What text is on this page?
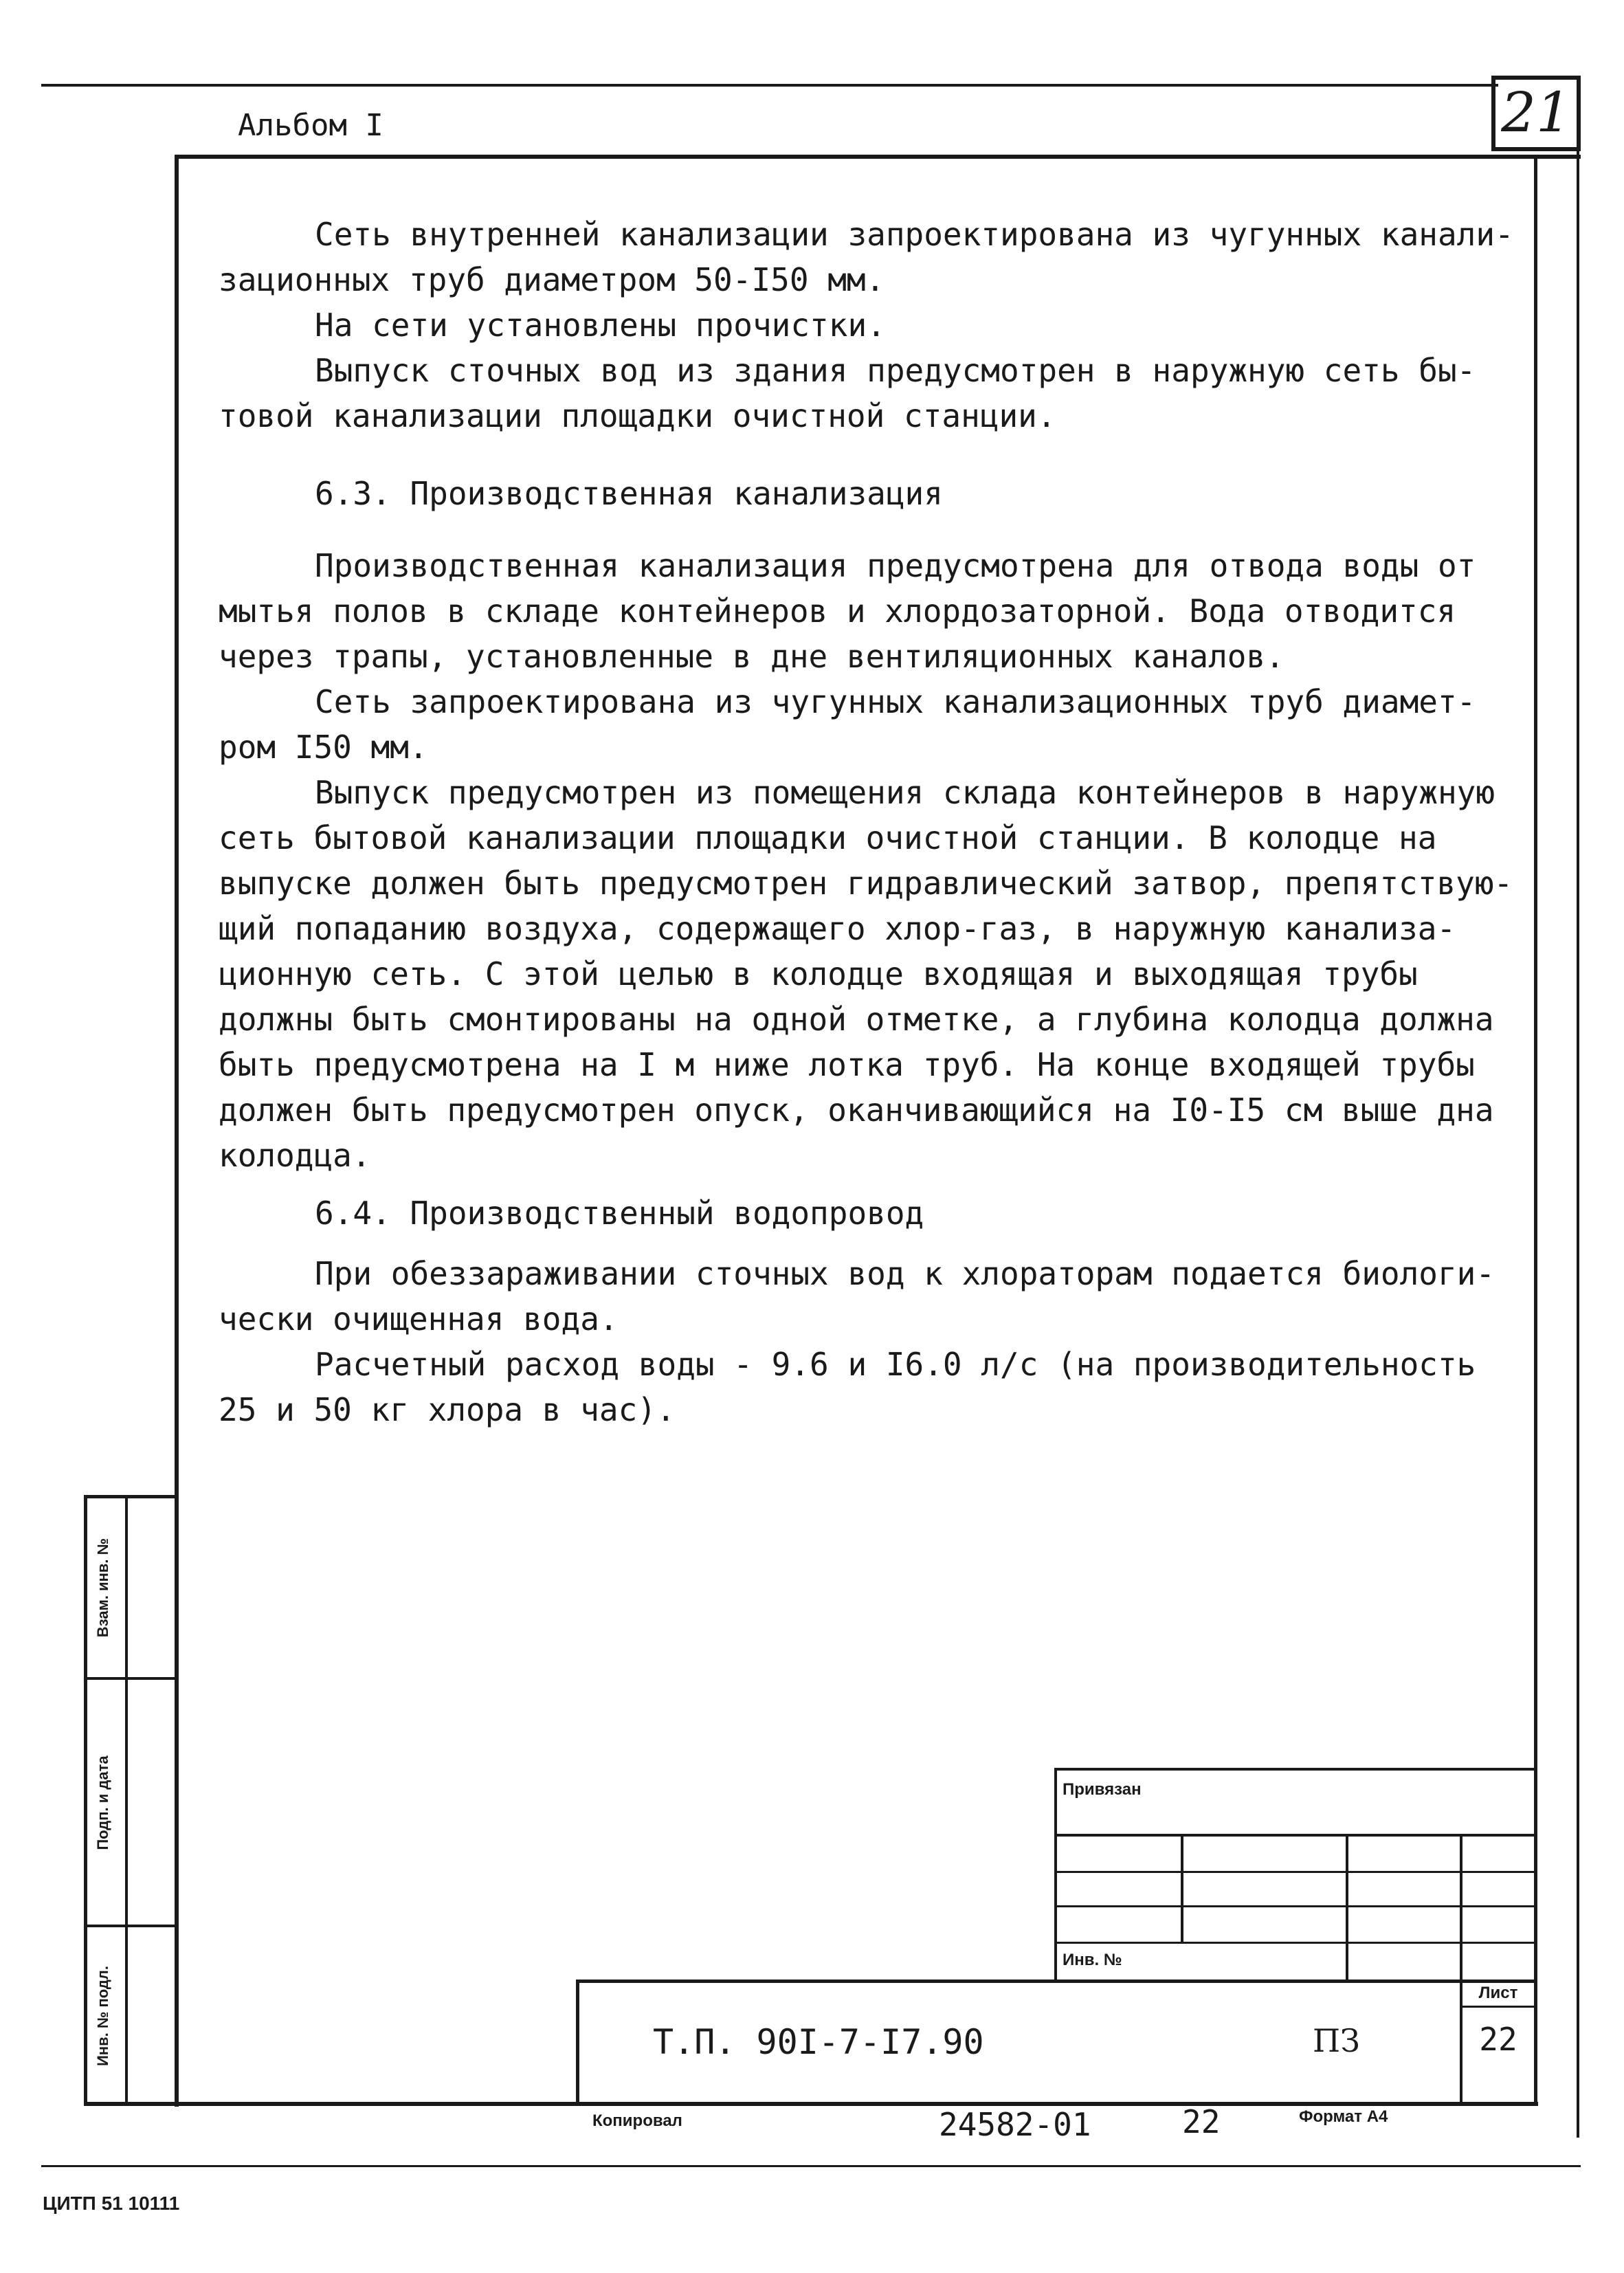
Альбом I	21
Сеть внутренней канализации запроектирована из чугунных канали-
зационных труб диаметром 50-I50 мм.
На сети установлены прочистки.
Выпуск сточных вод из здания предусмотрен в наружную сеть бы-
товой канализации площадки очистной станции.
6.3. Производственная канализация
Производственная канализация предусмотрена для отвода воды от
мытья полов в складе контейнеров и хлордозаторной. Вода отводится
через трапы, установленные в дне вентиляционных каналов.
Сеть запроектирована из чугунных канализационных труб диамет-
ром I50 мм.
Выпуск предусмотрен из помещения склада контейнеров в наружную
сеть бытовой канализации площадки очистной станции. В колодце на
выпуске должен быть предусмотрен гидравлический затвор, препятствую-
щий попаданию воздуха, содержащего хлор-газ, в наружную канализа-
ционную сеть. С этой целью в колодце входящая и выходящая трубы
должны быть смонтированы на одной отметке, а глубина колодца должна
быть предусмотрена на I м ниже лотка труб. На конце входящей трубы
должен быть предусмотрен опуск, оканчивающийся на I0-I5 см выше дна
колодца.
6.4. Производственный водопровод
При обеззараживании сточных вод к хлораторам подается биологи-
чески очищенная вода.
Расчетный расход воды - 9.6 и I6.0 л/с (на производительность
25 и 50 кг хлора в час).
Взам. инв. №
Подп. и дата
Инв. № подл.
Привязан
Инв. №
Лист
22
Т.П. 90I-7-I7.90	ПЗ
Копировал	24582-01	22	Формат А4
ЦИТП 51 10111
